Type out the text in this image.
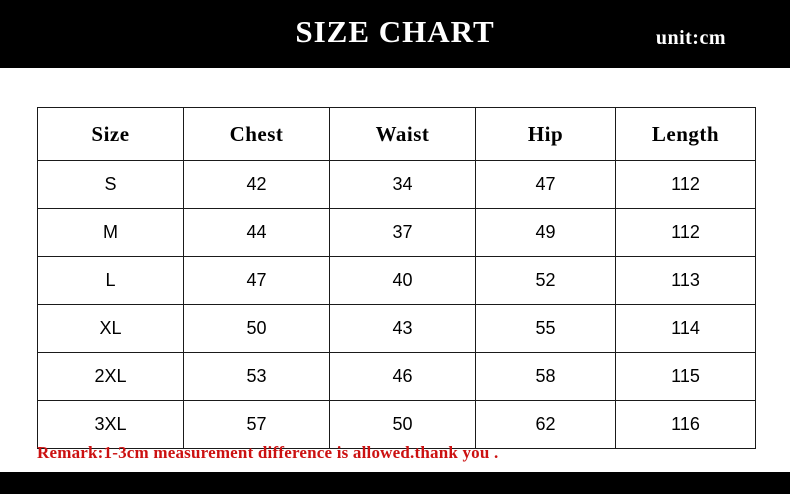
SIZE CHART	unit:cm
Size	Chest	Waist	Hip	Length
S	42	34	47	112
M	44	37	49	112
L	47	40	52	113
XL	50	43	55	114
2XL	53	46	58	115
3XL	57	50	62	116
Remark:1-3cm measurement difference is allowed.thank you .
